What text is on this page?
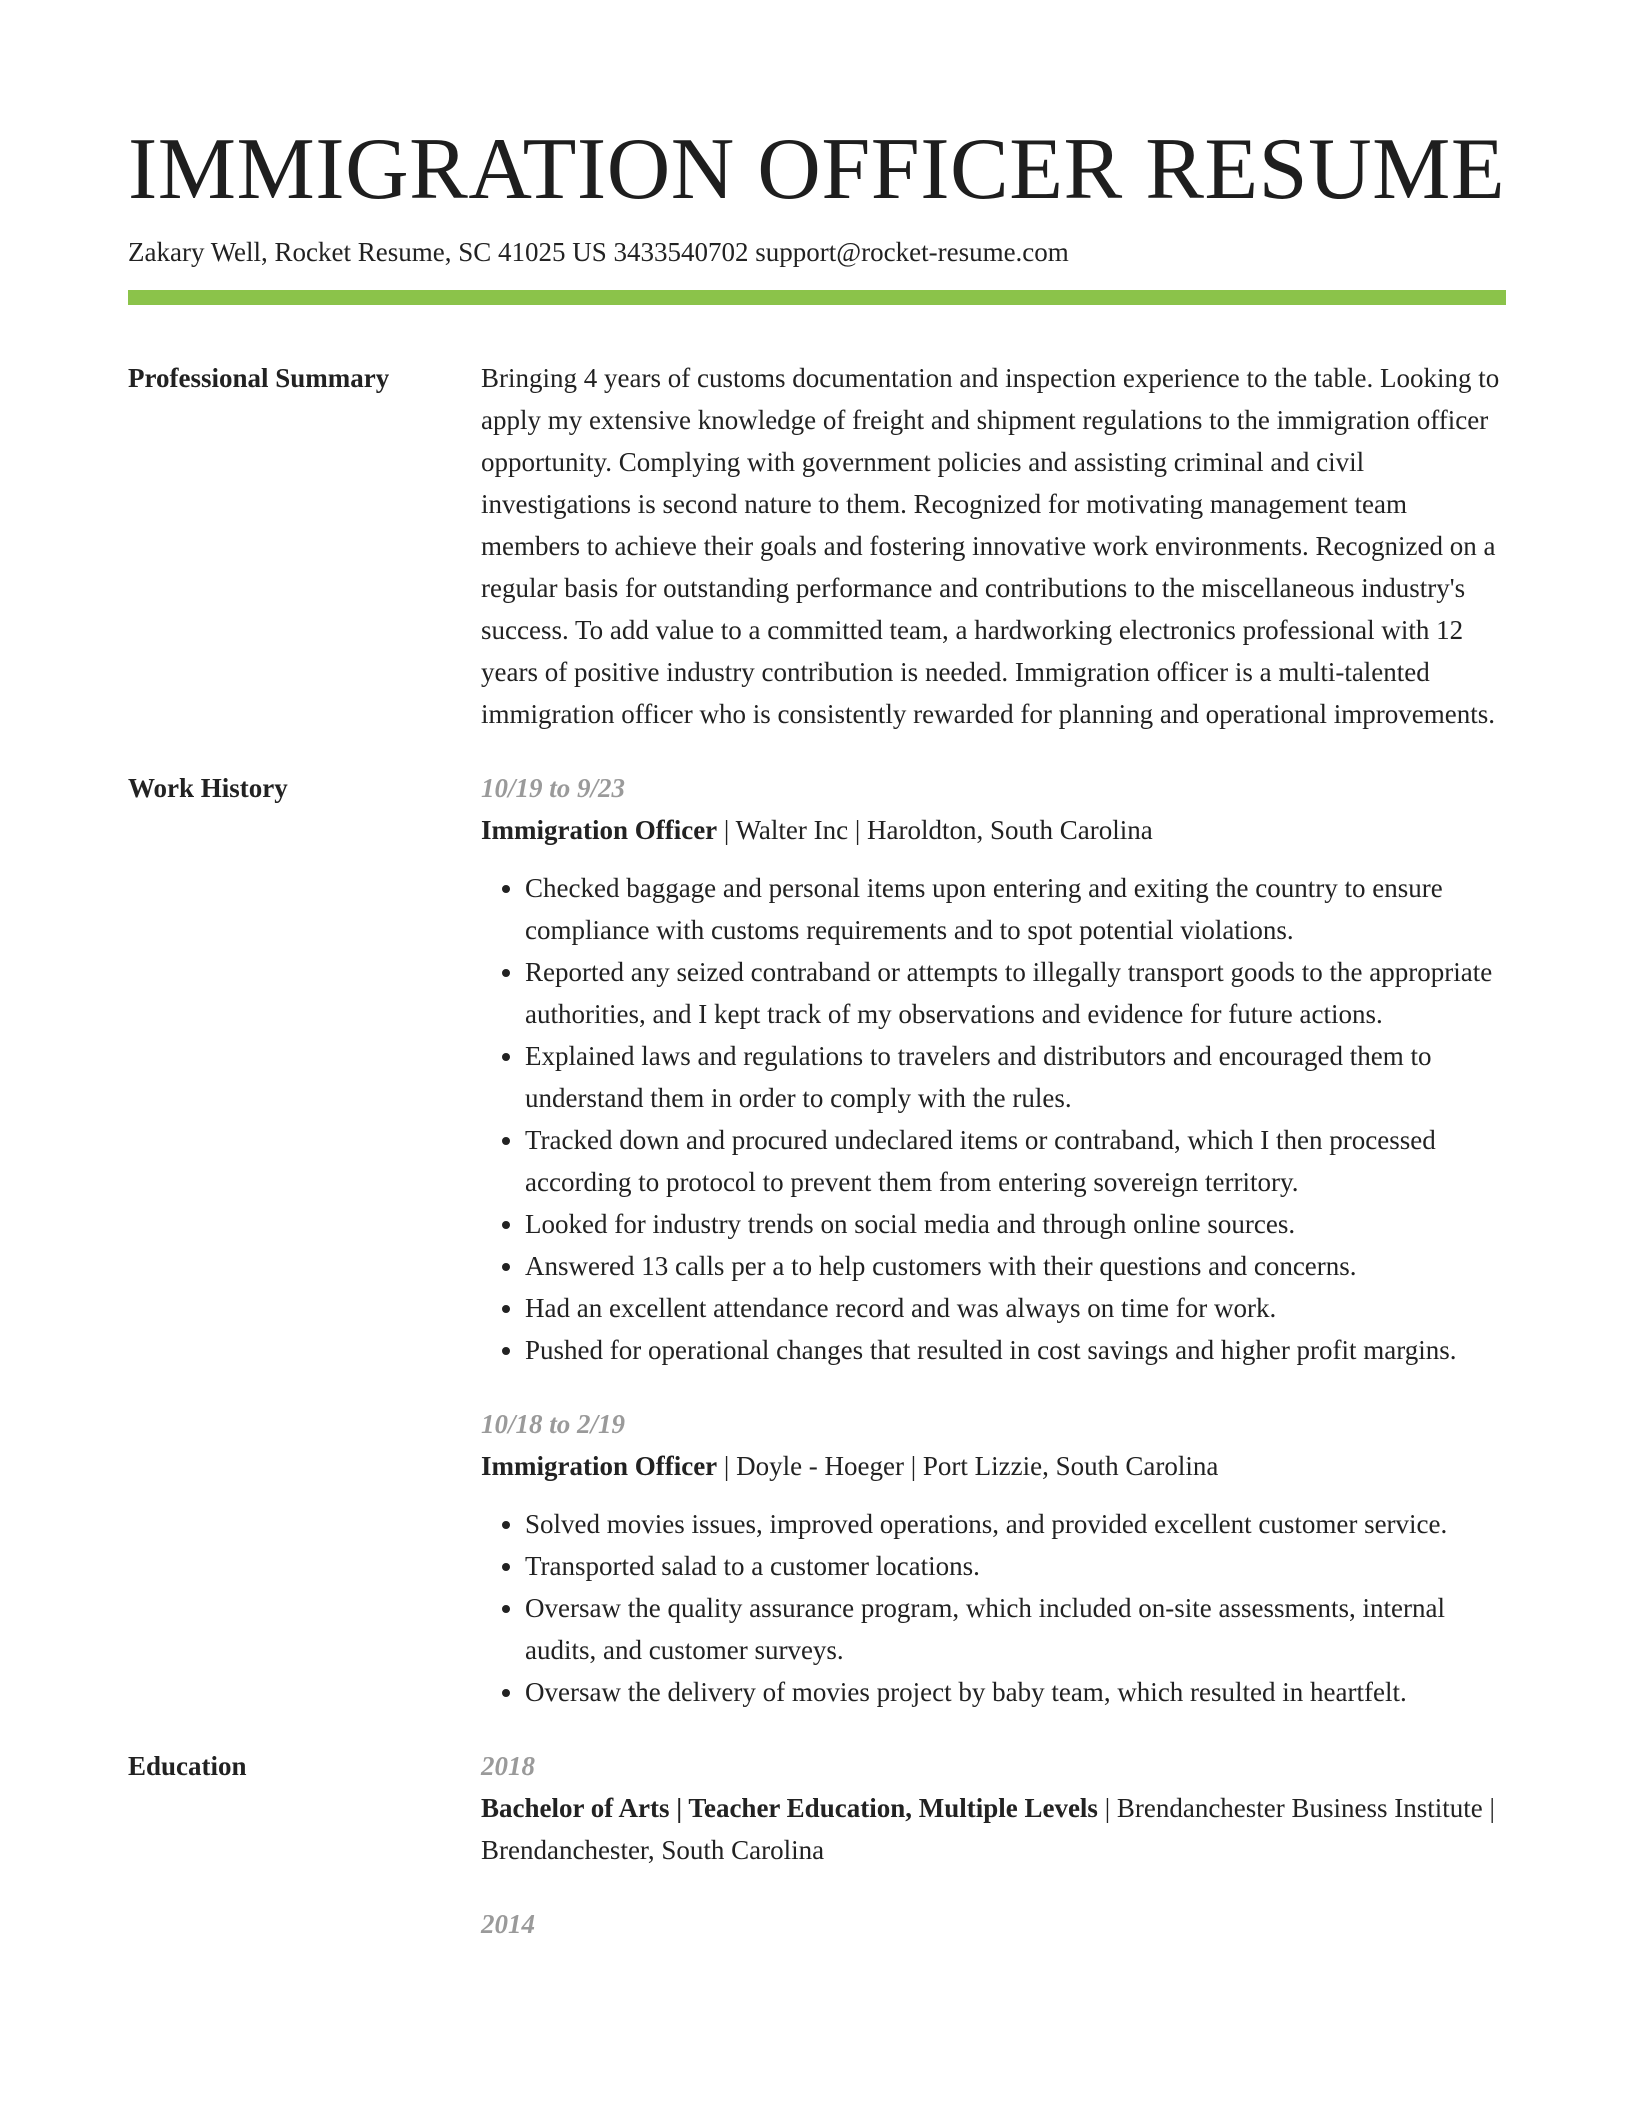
IMMIGRATION OFFICER RESUME
Zakary Well, Rocket Resume, SC 41025 US 3433540702 support@rocket-resume.com
Professional Summary	Bringing 4 years of customs documentation and inspection experience to the table. Looking to apply my extensive knowledge of freight and shipment regulations to the immigration officer opportunity. Complying with government policies and assisting criminal and civil investigations is second nature to them. Recognized for motivating management team members to achieve their goals and fostering innovative work environments. Recognized on a regular basis for outstanding performance and contributions to the miscellaneous industry's success. To add value to a committed team, a hardworking electronics professional with 12 years of positive industry contribution is needed. Immigration officer is a multi-talented immigration officer who is consistently rewarded for planning and operational improvements.

Work History	10/19 to 9/23
Immigration Officer | Walter Inc | Haroldton, South Carolina
• Checked baggage and personal items upon entering and exiting the country to ensure compliance with customs requirements and to spot potential violations.
• Reported any seized contraband or attempts to illegally transport goods to the appropriate authorities, and I kept track of my observations and evidence for future actions.
• Explained laws and regulations to travelers and distributors and encouraged them to understand them in order to comply with the rules.
• Tracked down and procured undeclared items or contraband, which I then processed according to protocol to prevent them from entering sovereign territory.
• Looked for industry trends on social media and through online sources.
• Answered 13 calls per a to help customers with their questions and concerns.
• Had an excellent attendance record and was always on time for work.
• Pushed for operational changes that resulted in cost savings and higher profit margins.
10/18 to 2/19
Immigration Officer | Doyle - Hoeger | Port Lizzie, South Carolina
• Solved movies issues, improved operations, and provided excellent customer service.
• Transported salad to a customer locations.
• Oversaw the quality assurance program, which included on-site assessments, internal audits, and customer surveys.
• Oversaw the delivery of movies project by baby team, which resulted in heartfelt.
Education	2018
Bachelor of Arts | Teacher Education, Multiple Levels | Brendanchester Business Institute | Brendanchester, South Carolina
2014
